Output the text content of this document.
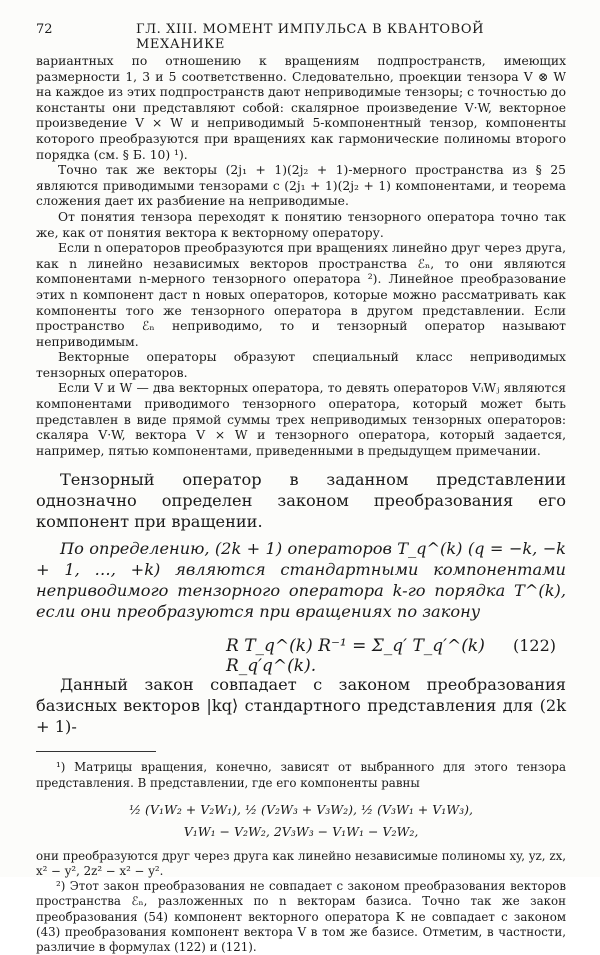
72	ГЛ. XIII. МОМЕНТ ИМПУЛЬСА В КВАНТОВОЙ МЕХАНИКЕ

вариантных по отношению к вращениям подпространств, имеющих размерности 1, 3 и 5 соответственно. Следовательно, проекции тензора V ⊗ W на каждое из этих подпространств дают неприводимые тензоры; с точностью до константы они представляют собой: скалярное произведение V·W, векторное произведение V × W и неприводимый 5-компонентный тензор, компоненты которого преобразуются при вращениях как гармонические полиномы второго порядка (см. § Б. 10) ¹).

Точно так же векторы (2j₁ + 1)(2j₂ + 1)-мерного пространства из § 25 являются приводимыми тензорами с (2j₁ + 1)(2j₂ + 1) компонентами, и теорема сложения дает их разбиение на неприводимые.

От понятия тензора переходят к понятию тензорного оператора точно так же, как от понятия вектора к векторному оператору.

Если n операторов преобразуются при вращениях линейно друг через друга, как n линейно независимых векторов пространства ℰₙ, то они являются компонентами n-мерного тензорного оператора ²). Линейное преобразование этих n компонент даст n новых операторов, которые можно рассматривать как компоненты того же тензорного оператора в другом представлении. Если пространство ℰₙ неприводимо, то и тензорный оператор называют неприводимым.

Векторные операторы образуют специальный класс неприводимых тензорных операторов.

Если V и W — два векторных оператора, то девять операторов VᵢWⱼ являются компонентами приводимого тензорного оператора, который может быть представлен в виде прямой суммы трех неприводимых тензорных операторов: скаляра V·W, вектора V × W и тензорного оператора, который задается, например, пятью компонентами, приведенными в предыдущем примечании.

Тензорный оператор в заданном представлении однозначно определен законом преобразования его компонент при вращении.

По определению, (2k + 1) операторов T_q^(k) (q = −k, −k + 1, …, +k) являются стандартными компонентами неприводимого тензорного оператора k-го порядка T^(k), если они преобразуются при вращениях по закону

R T_q^(k) R⁻¹ = Σ_q′ T_q′^(k) R_q′q^(k).
(122)

Данный закон совпадает с законом преобразования базисных векторов |kq⟩ стандартного представления для (2k + 1)-

¹) Матрицы вращения, конечно, зависят от выбранного для этого тензора представления. В представлении, где его компоненты равны

½ (V₁W₂ + V₂W₁), ½ (V₂W₃ + V₃W₂), ½ (V₃W₁ + V₁W₃),
V₁W₁ − V₂W₂, 2V₃W₃ − V₁W₁ − V₂W₂,

они преобразуются друг через друга как линейно независимые полиномы xy, yz, zx, x² − y², 2z² − x² − y².

²) Этот закон преобразования не совпадает с законом преобразования векторов пространства ℰₙ, разложенных по n векторам базиса. Точно так же закон преобразования (54) компонент векторного оператора K не совпадает с законом (43) преобразования компонент вектора V в том же базисе. Отметим, в частности, различие в формулах (122) и (121).
